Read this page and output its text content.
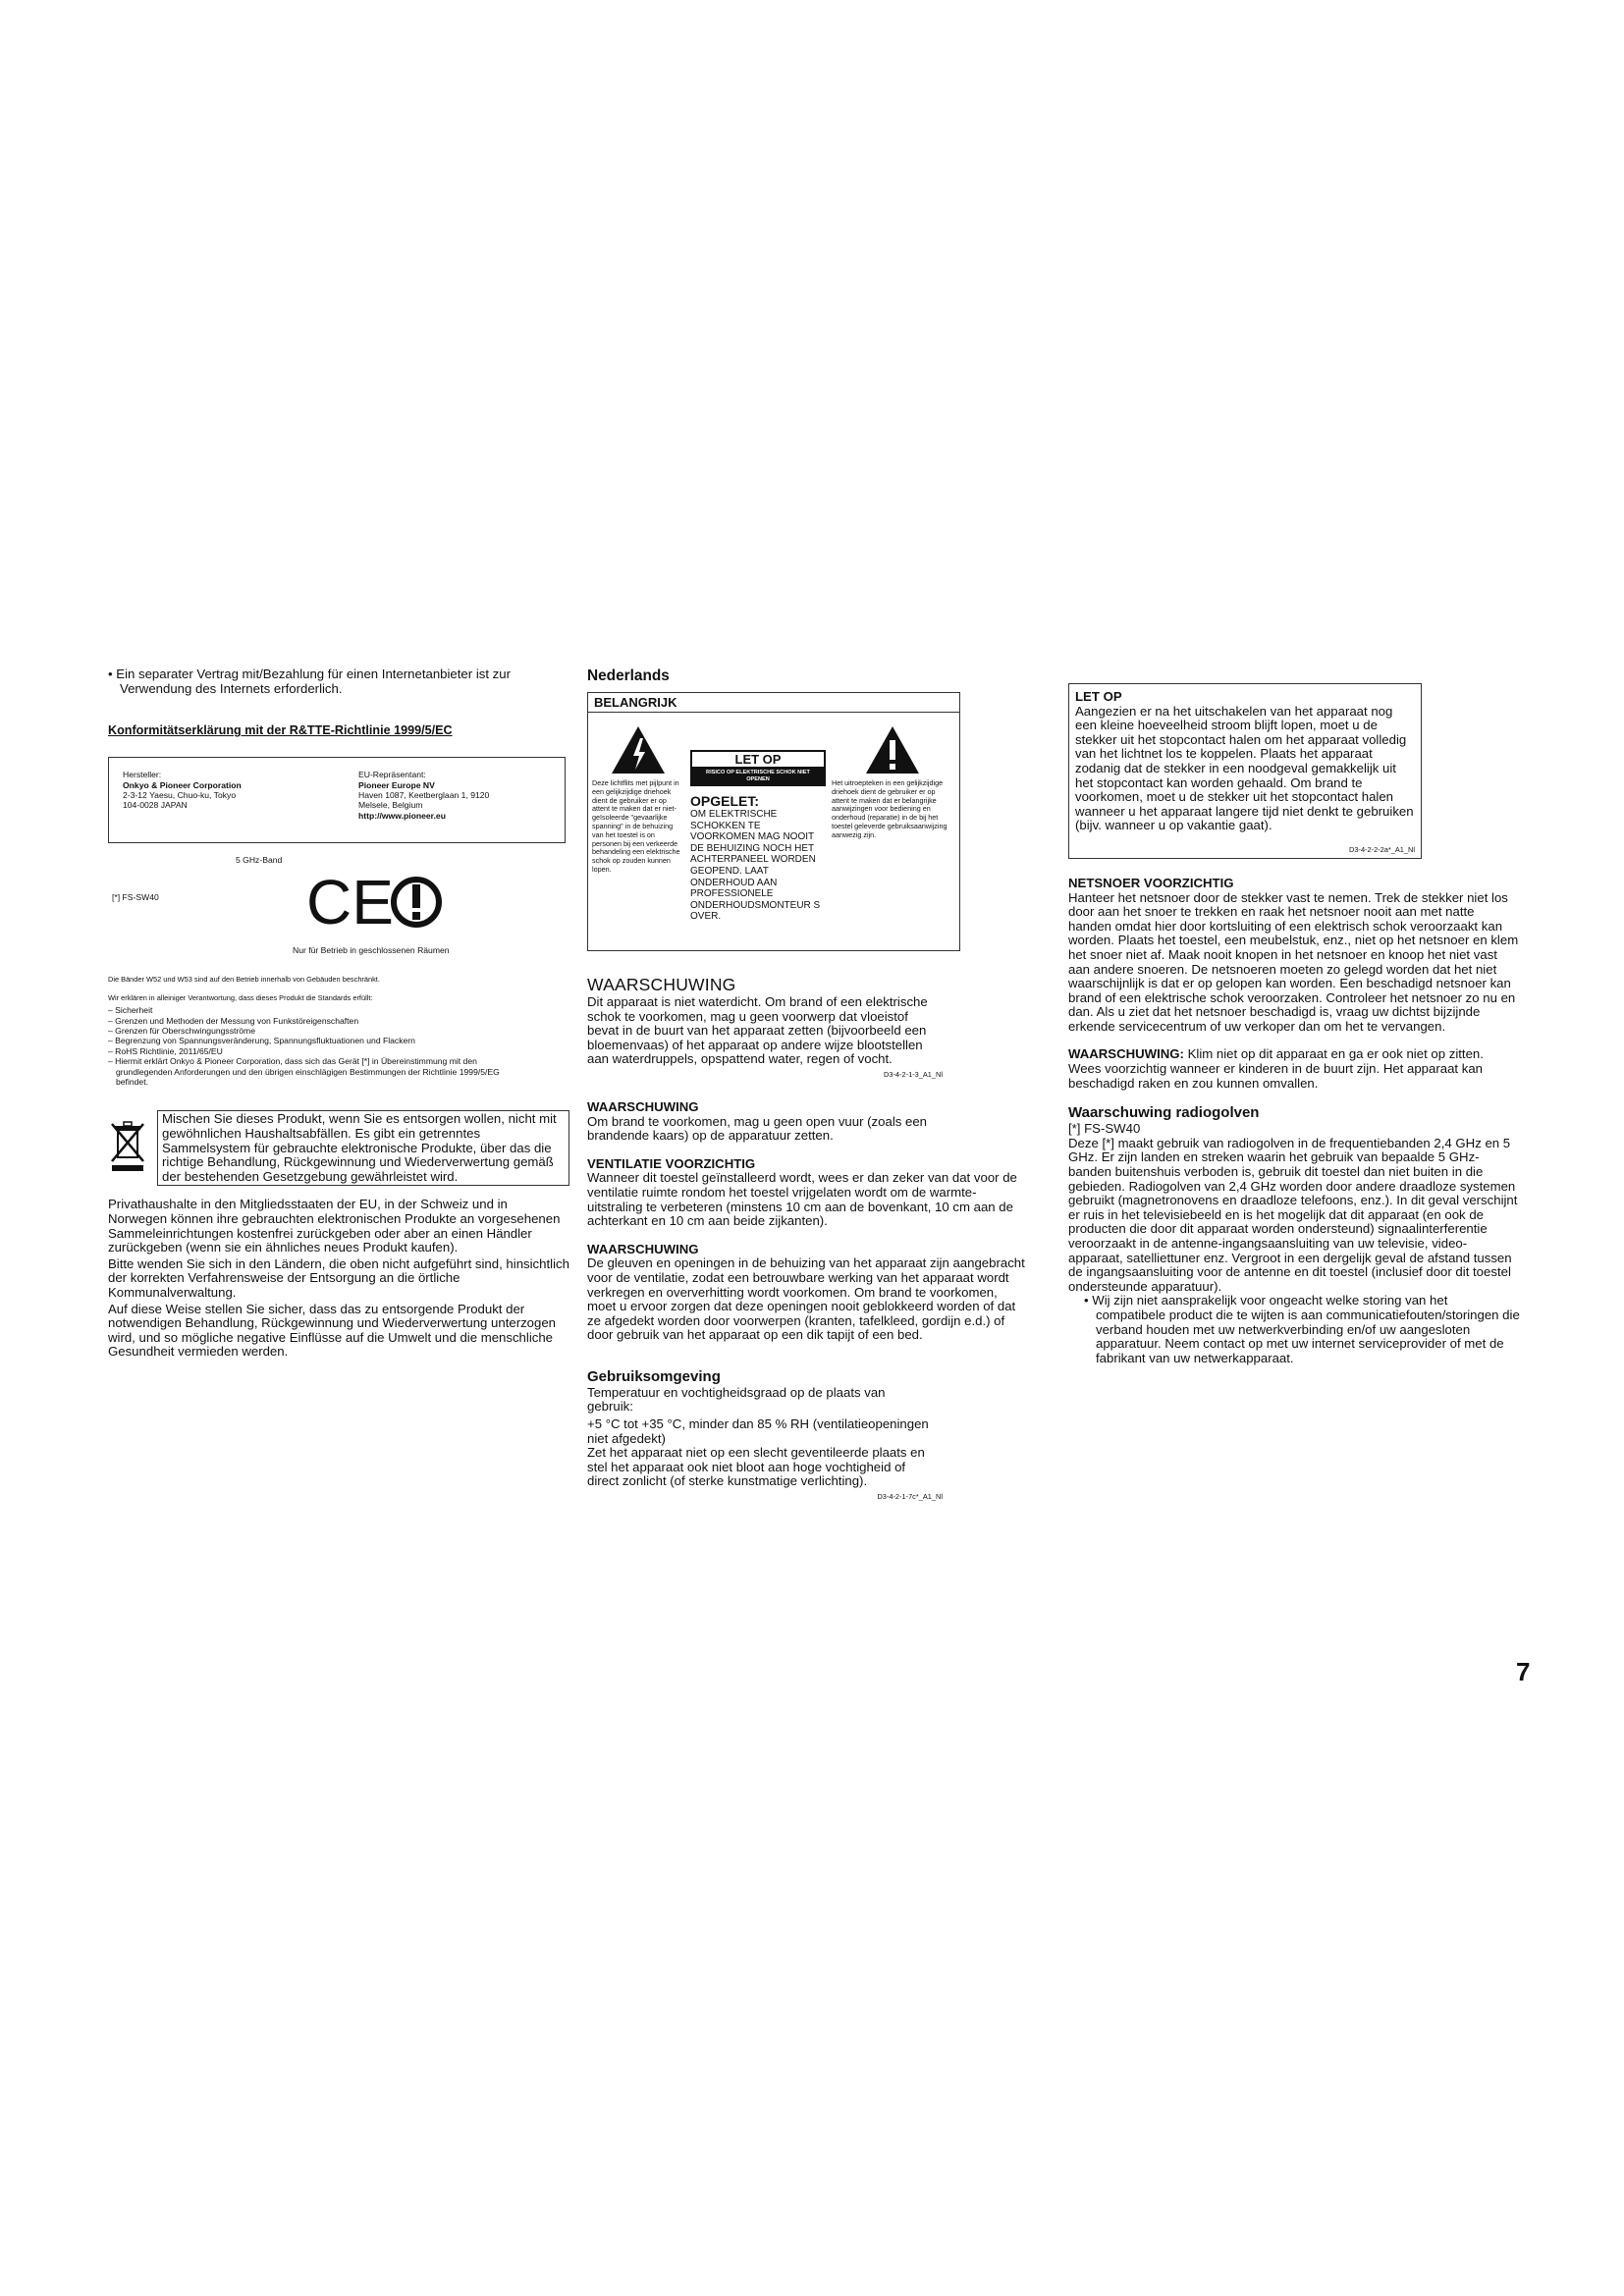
• Ein separater Vertrag mit/Bezahlung für einen Internetanbieter ist zur Verwendung des Internets erforderlich.

Konformitätserklärung mit der R&TTE-Richtlinie 1999/5/EC
Hersteller:
Onkyo & Pioneer Corporation
2-3-12 Yaesu, Chuo-ku, Tokyo
104-0028 JAPAN
EU-Repräsentant:
Pioneer Europe NV
Haven 1087, Keetberglaan 1, 9120
Melsele, Belgium
http://www.pioneer.eu
5 GHz-Band
[*] FS-SW40 CE
Nur für Betrieb in geschlossenen Räumen

Die Bänder W52 und W53 sind auf den Betrieb innerhalb von Gebäuden beschränkt.

Wir erklären in alleiniger Verantwortung, dass dieses Produkt die Standards erfüllt:

– Sicherheit
– Grenzen und Methoden der Messung von Funkstöreigenschaften
– Grenzen für Oberschwingungsströme
– Begrenzung von Spannungsveränderung, Spannungsfluktuationen und Flackern
– RoHS Richtlinie, 2011/65/EU
– Hiermit erklärt Onkyo & Pioneer Corporation, dass sich das Gerät [*] in Übereinstimmung mit den grundlegenden Anforderungen und den übrigen einschlägigen Bestimmungen der Richtlinie 1999/5/EG befindet.

Mischen Sie dieses Produkt, wenn Sie es entsorgen wollen, nicht mit gewöhnlichen Haushaltsabfällen. Es gibt ein getrenntes Sammelsystem für gebrauchte elektronische Produkte, über das die richtige Behandlung, Rückgewinnung und Wiederverwertung gemäß der bestehenden Gesetzgebung gewährleistet wird.

Privathaushalte in den Mitgliedsstaaten der EU, in der Schweiz und in Norwegen können ihre gebrauchten elektronischen Produkte an vorgesehenen Sammeleinrichtungen kostenfrei zurückgeben oder aber an einen Händler zurückgeben (wenn sie ein ähnliches neues Produkt kaufen).

Bitte wenden Sie sich in den Ländern, die oben nicht aufgeführt sind, hinsichtlich der korrekten Verfahrensweise der Entsorgung an die örtliche Kommunalverwaltung.

Auf diese Weise stellen Sie sicher, dass das zu entsorgende Produkt der notwendigen Behandlung, Rückgewinnung und Wiederverwertung unterzogen wird, und so mögliche negative Einflüsse auf die Umwelt und die menschliche Gesundheit vermieden werden.

Nederlands
BELANGRIJK

Deze lichtflits met pijlpunt in een gelijkzijdige driehoek dient de gebruiker er op attent te maken dat er niet-geïsoleerde "gevaarlijke spanning" in de behuizing van het toestel is on personen bij een verkeerde behandeling een elektrische schok op zouden kunnen lopen.

LET OP
RISICO OP ELEKTRISCHE SCHOK NIET OPENEN
OPGELET:

OM ELEKTRISCHE SCHOKKEN TE VOORKOMEN MAG NOOIT DE BEHUIZING NOCH HET ACHTERPANEEL WORDEN GEOPEND. LAAT ONDERHOUD AAN PROFESSIONELE ONDERHOUDSMONTEUR S OVER.

Het uitroepteken in een gelijkzijdige driehoek dient de gebruiker er op attent te maken dat er belangrijke aanwijzingen voor bediening en onderhoud (reparatie) in de bij het toestel geleverde gebruiksaanwijzing aanwezig zijn.

WAARSCHUWING

Dit apparaat is niet waterdicht. Om brand of een elektrische schok te voorkomen, mag u geen voorwerp dat vloeistof bevat in de buurt van het apparaat zetten (bijvoorbeeld een bloemenvaas) of het apparaat op andere wijze blootstellen aan waterdruppels, opspattend water, regen of vocht.

D3-4-2-1-3_A1_Nl
WAARSCHUWING

Om brand te voorkomen, mag u geen open vuur (zoals een brandende kaars) op de apparatuur zetten.

VENTILATIE VOORZICHTIG

Wanneer dit toestel geïnstalleerd wordt, wees er dan zeker van dat voor de ventilatie ruimte rondom het toestel vrijgelaten wordt om de warmte-uitstraling te verbeteren (minstens 10 cm aan de bovenkant, 10 cm aan de achterkant en 10 cm aan beide zijkanten).

WAARSCHUWING

De gleuven en openingen in de behuizing van het apparaat zijn aangebracht voor de ventilatie, zodat een betrouwbare werking van het apparaat wordt verkregen en oververhitting wordt voorkomen. Om brand te voorkomen, moet u ervoor zorgen dat deze openingen nooit geblokkeerd worden of dat ze afgedekt worden door voorwerpen (kranten, tafelkleed, gordijn e.d.) of door gebruik van het apparaat op een dik tapijt of een bed.

Gebruiksomgeving

Temperatuur en vochtigheidsgraad op de plaats van gebruik:

+5 °C tot +35 °C, minder dan 85 % RH (ventilatieopeningen niet afgedekt)

Zet het apparaat niet op een slecht geventileerde plaats en stel het apparaat ook niet bloot aan hoge vochtigheid of direct zonlicht (of sterke kunstmatige verlichting).

D3-4-2-1-7c*_A1_Nl
LET OP

Aangezien er na het uitschakelen van het apparaat nog een kleine hoeveelheid stroom blijft lopen, moet u de stekker uit het stopcontact halen om het apparaat volledig van het lichtnet los te koppelen. Plaats het apparaat zodanig dat de stekker in een noodgeval gemakkelijk uit het stopcontact kan worden gehaald. Om brand te voorkomen, moet u de stekker uit het stopcontact halen wanneer u het apparaat langere tijd niet denkt te gebruiken (bijv. wanneer u op vakantie gaat).

D3-4-2-2-2a*_A1_Nl
NETSNOER VOORZICHTIG

Hanteer het netsnoer door de stekker vast te nemen. Trek de stekker niet los door aan het snoer te trekken en raak het netsnoer nooit aan met natte handen omdat hier door kortsluiting of een elektrisch schok veroorzaakt kan worden. Plaats het toestel, een meubelstuk, enz., niet op het netsnoer en klem het snoer niet af. Maak nooit knopen in het netsnoer en knoop het niet vast aan andere snoeren. De netsnoeren moeten zo gelegd worden dat het niet waarschijnlijk is dat er op gelopen kan worden. Een beschadigd netsnoer kan brand of een elektrische schok veroorzaken. Controleer het netsnoer zo nu en dan. Als u ziet dat het netsnoer beschadigd is, vraag uw dichtst bijzijnde erkende servicecentrum of uw verkoper dan om het te vervangen.

WAARSCHUWING: Klim niet op dit apparaat en ga er ook niet op zitten. Wees voorzichtig wanneer er kinderen in de buurt zijn. Het apparaat kan beschadigd raken en zou kunnen omvallen.

Waarschuwing radiogolven

[*] FS-SW40

Deze [*] maakt gebruik van radiogolven in de frequentiebanden 2,4 GHz en 5 GHz. Er zijn landen en streken waarin het gebruik van bepaalde 5 GHz-banden buitenshuis verboden is, gebruik dit toestel dan niet buiten in die gebieden. Radiogolven van 2,4 GHz worden door andere draadloze systemen gebruikt (magnetronovens en draadloze telefoons, enz.). In dit geval verschijnt er ruis in het televisiebeeld en is het mogelijk dat dit apparaat (en ook de producten die door dit apparaat worden ondersteund) signaalinterferentie veroorzaakt in de antenne-ingangsaansluiting van uw televisie, video-apparaat, satelliettuner enz. Vergroot in een dergelijk geval de afstand tussen de ingangsaansluiting voor de antenne en dit toestel (inclusief door dit toestel ondersteunde apparatuur).

• Wij zijn niet aansprakelijk voor ongeacht welke storing van het compatibele product die te wijten is aan communicatiefouten/storingen die verband houden met uw netwerkverbinding en/of uw aangesloten apparatuur. Neem contact op met uw internet serviceprovider of met de fabrikant van uw netwerkapparaat.

7
